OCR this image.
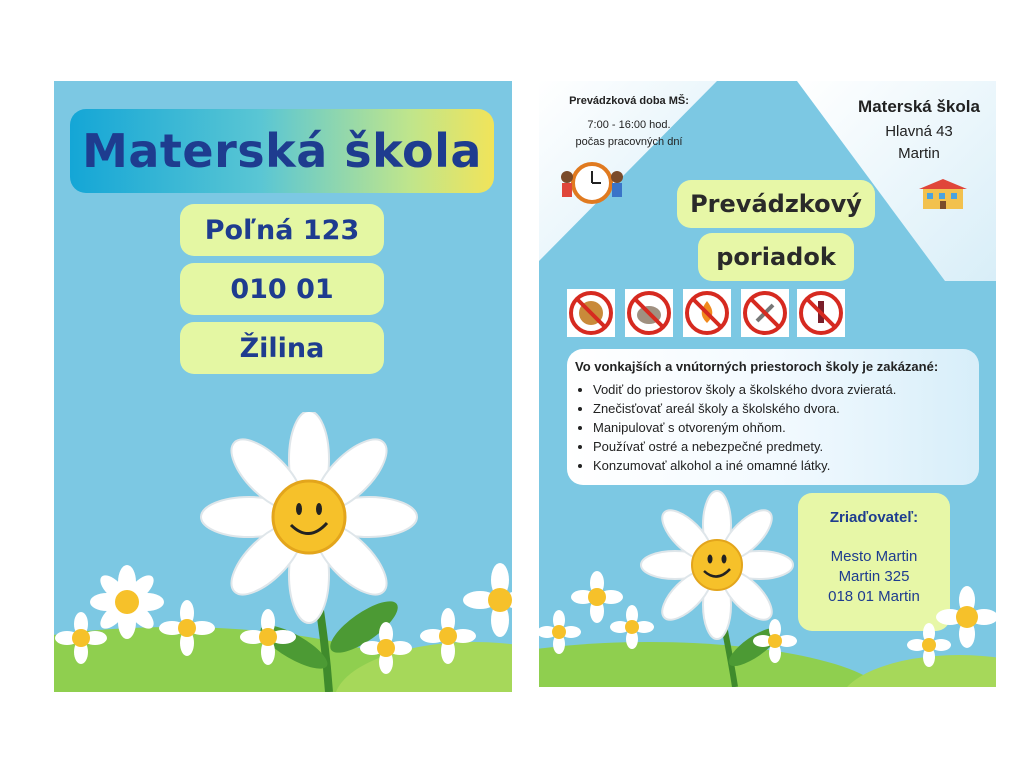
Materská škola
Poľná 123
010 01
Žilina
Prevádzková doba MŠ:
7:00 - 16:00 hod.
počas pracovných dní
Materská škola
Hlavná 43
Martin
Prevádzkový
poriadok
Vo vonkajších a vnútorných priestoroch školy je zakázané:
• Vodiť do priestorov školy a školského dvora zvieratá.
• Znečisťovať areál školy a školského dvora.
• Manipulovať s otvoreným ohňom.
• Používať ostré a nebezpečné predmety.
• Konzumovať alkohol a iné omamné látky.
Zriaďovateľ:
Mesto Martin
Martin 325
018 01 Martin
